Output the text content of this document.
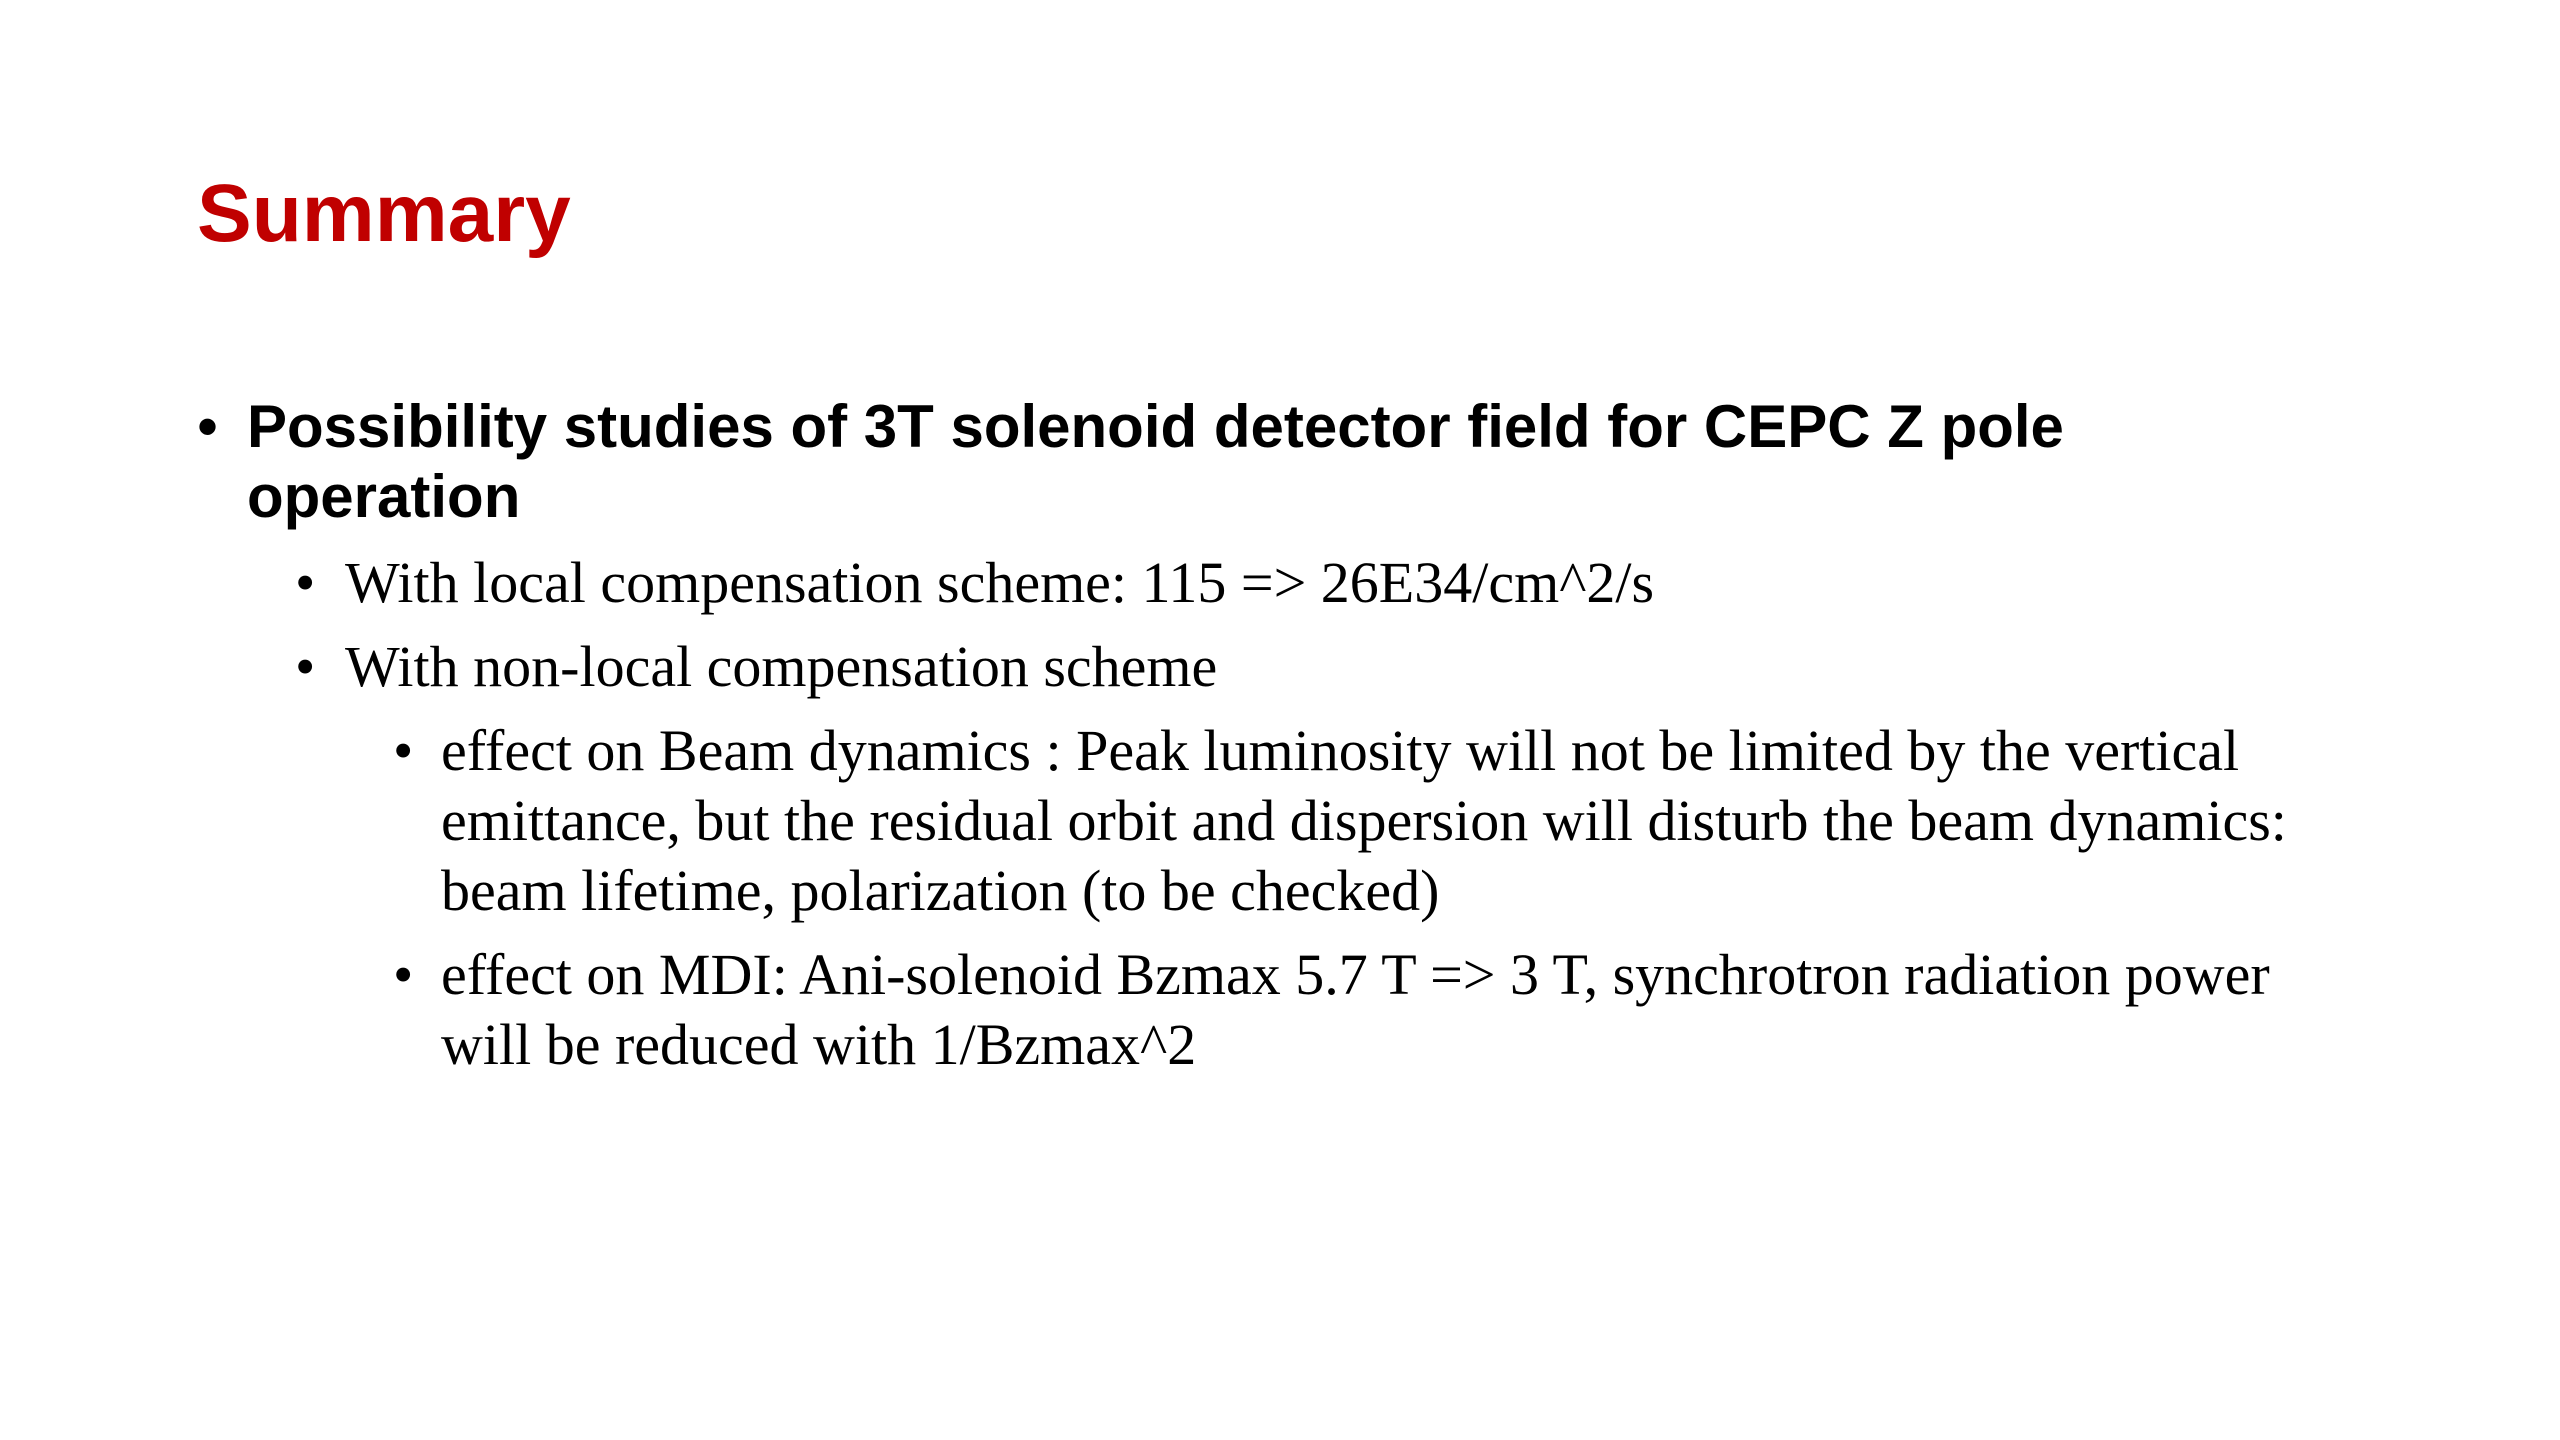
Summary
• Possibility studies of 3T solenoid detector field for CEPC Z pole operation
• With local compensation scheme: 115 => 26E34/cm^2/s
• With non-local compensation scheme
• effect on Beam dynamics : Peak luminosity will not be limited by the vertical emittance, but the residual orbit and dispersion will disturb the beam dynamics: beam lifetime, polarization (to be checked)
• effect on MDI: Ani-solenoid Bzmax 5.7 T => 3 T, synchrotron radiation power will be reduced with 1/Bzmax^2
